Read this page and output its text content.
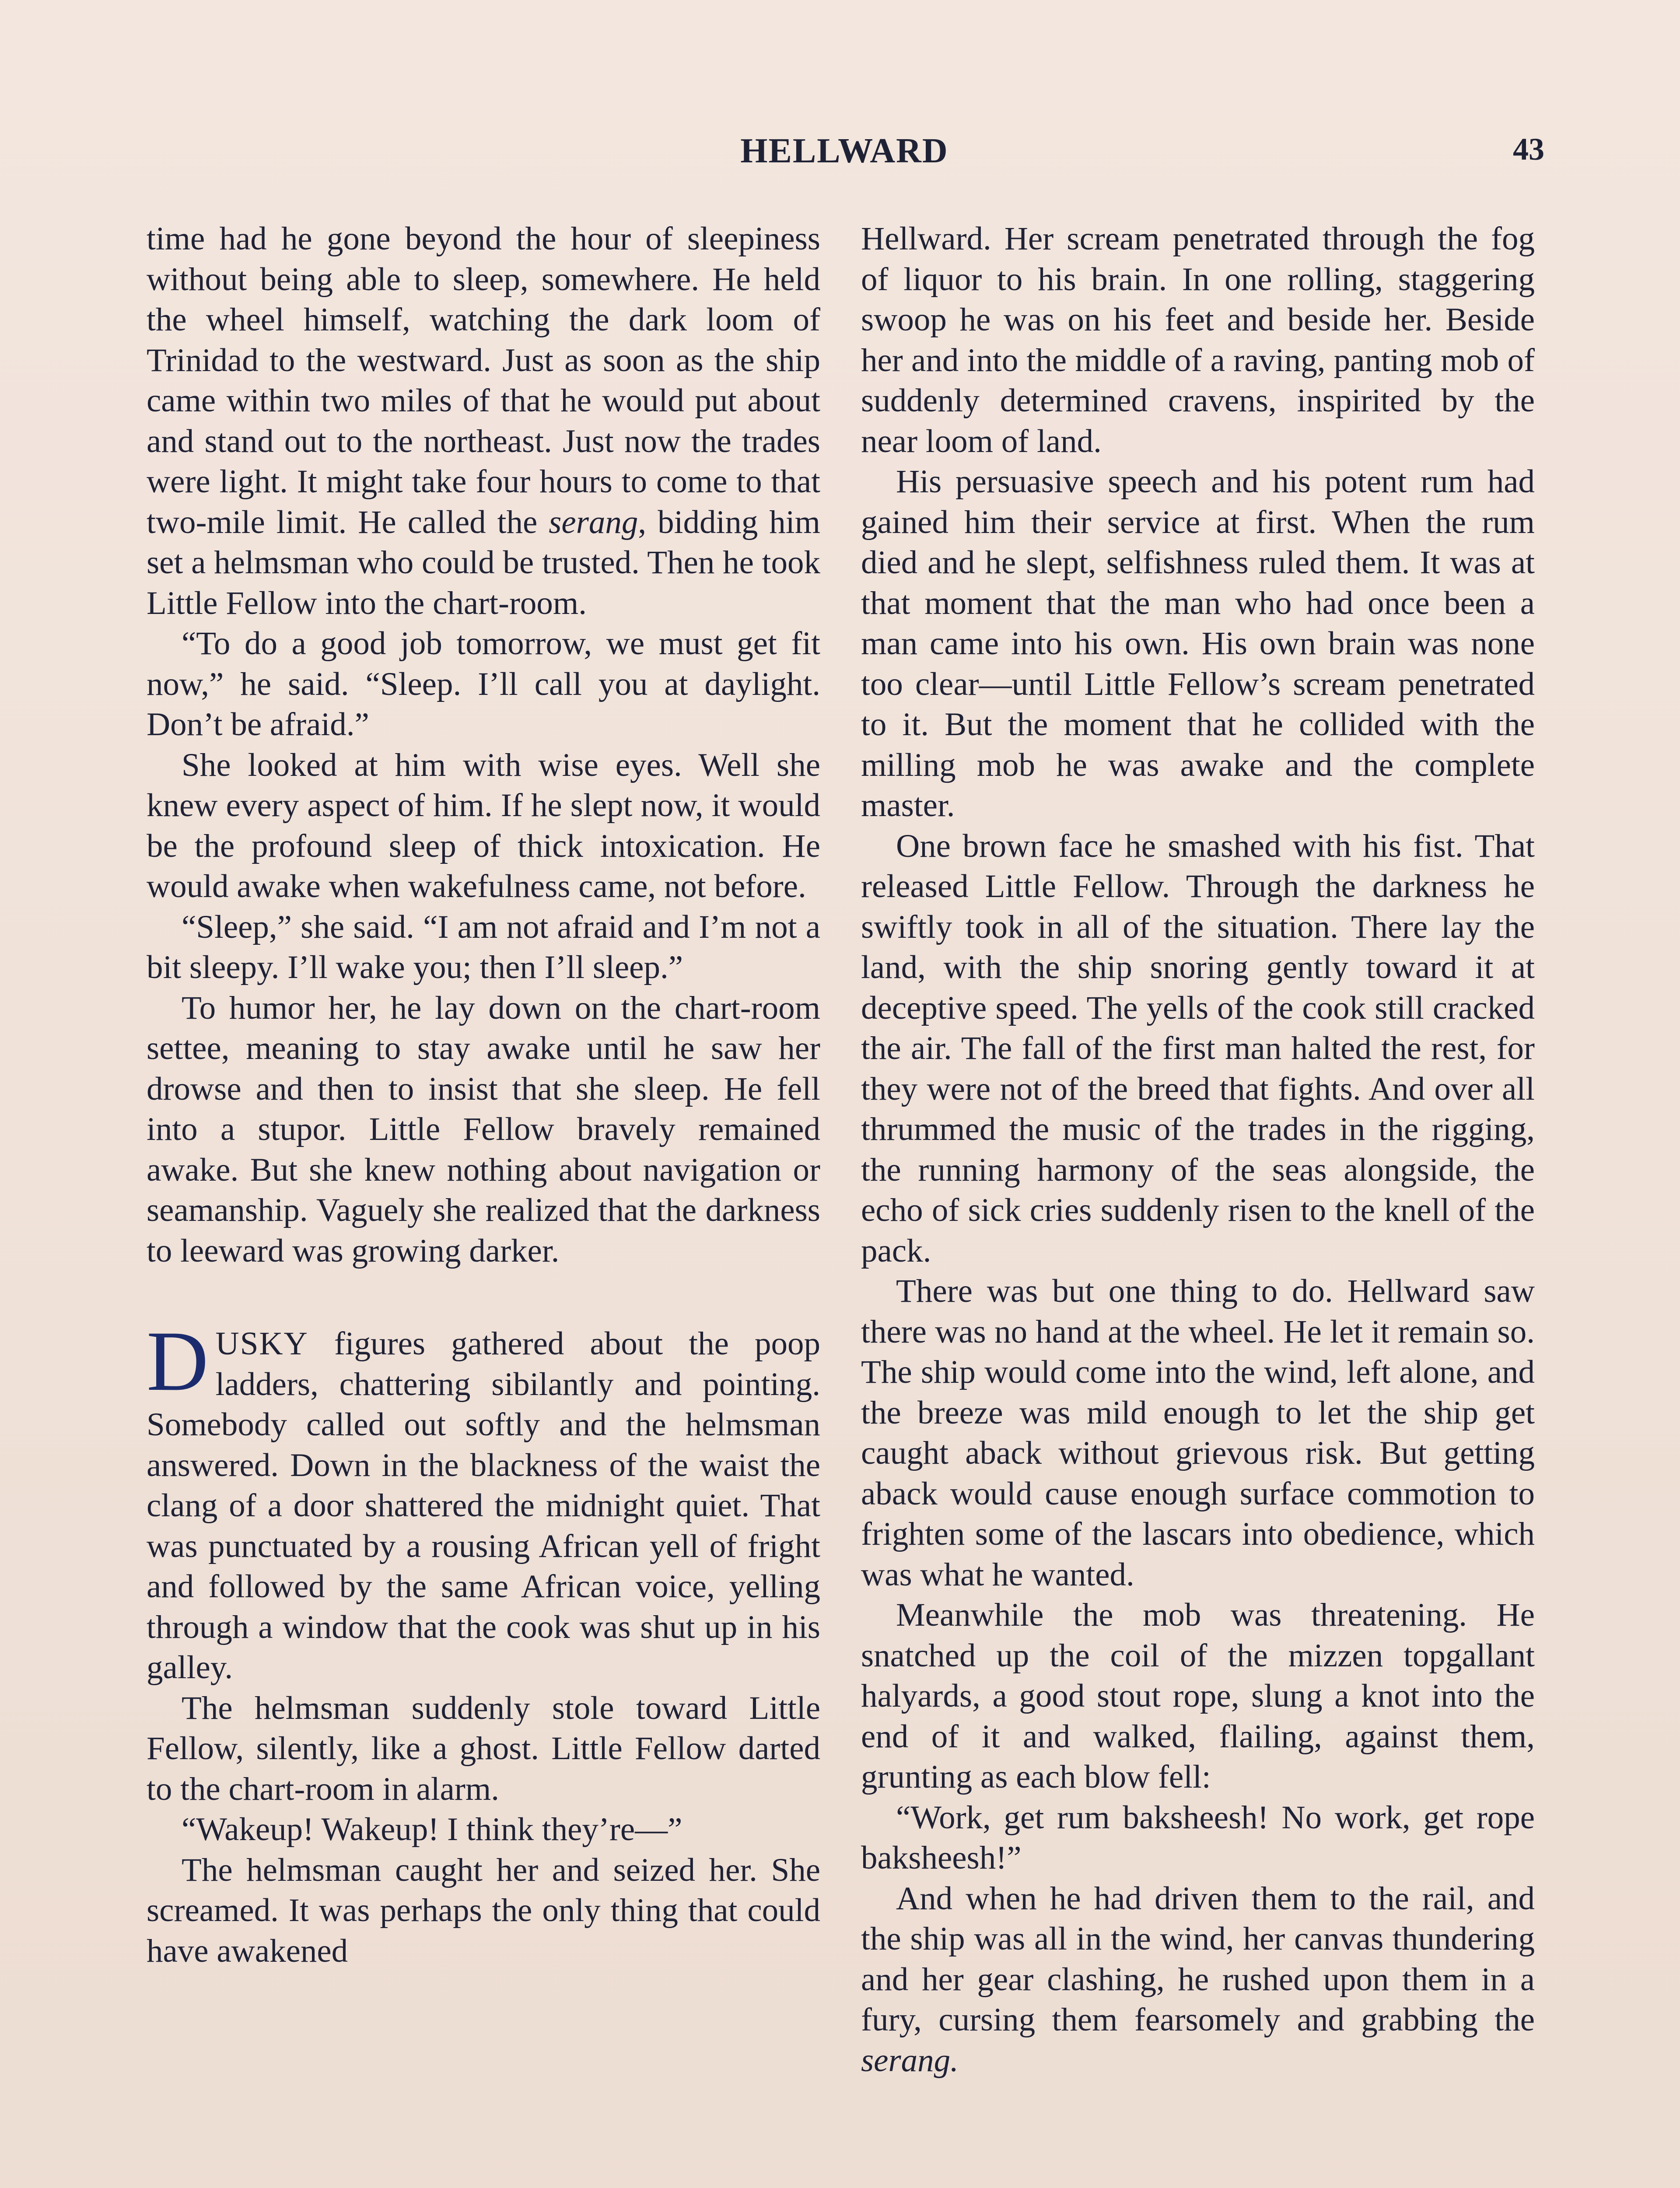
HELLWARD	43

time had he gone beyond the hour of sleepiness without being able to sleep, somewhere. He held the wheel himself, watching the dark loom of Trinidad to the westward. Just as soon as the ship came within two miles of that he would put about and stand out to the northeast. Just now the trades were light. It might take four hours to come to that two-mile limit. He called the serang, bidding him set a helmsman who could be trusted. Then he took Little Fellow into the chart-room.

“To do a good job tomorrow, we must get fit now,” he said. “Sleep. I’ll call you at daylight. Don’t be afraid.”

She looked at him with wise eyes. Well she knew every aspect of him. If he slept now, it would be the profound sleep of thick intoxication. He would awake when wakefulness came, not before.

“Sleep,” she said. “I am not afraid and I’m not a bit sleepy. I’ll wake you; then I’ll sleep.”

To humor her, he lay down on the chart-room settee, meaning to stay awake until he saw her drowse and then to insist that she sleep. He fell into a stupor. Little Fellow bravely remained awake. But she knew nothing about navigation or seamanship. Vaguely she realized that the darkness to leeward was growing darker.

DUSKY figures gathered about the poop ladders, chattering sibilantly and pointing. Somebody called out softly and the helmsman answered. Down in the blackness of the waist the clang of a door shattered the midnight quiet. That was punctuated by a rousing African yell of fright and followed by the same African voice, yelling through a window that the cook was shut up in his galley.

The helmsman suddenly stole toward Little Fellow, silently, like a ghost. Little Fellow darted to the chart-room in alarm.

“Wakeup! Wakeup! I think they’re—”

The helmsman caught her and seized her. She screamed. It was perhaps the only thing that could have awakened

Hellward. Her scream penetrated through the fog of liquor to his brain. In one rolling, staggering swoop he was on his feet and beside her. Beside her and into the middle of a raving, panting mob of suddenly determined cravens, inspirited by the near loom of land.

His persuasive speech and his potent rum had gained him their service at first. When the rum died and he slept, selfishness ruled them. It was at that moment that the man who had once been a man came into his own. His own brain was none too clear—until Little Fellow’s scream penetrated to it. But the moment that he collided with the milling mob he was awake and the complete master.

One brown face he smashed with his fist. That released Little Fellow. Through the darkness he swiftly took in all of the situation. There lay the land, with the ship snoring gently toward it at deceptive speed. The yells of the cook still cracked the air. The fall of the first man halted the rest, for they were not of the breed that fights. And over all thrummed the music of the trades in the rigging, the running harmony of the seas alongside, the echo of sick cries suddenly risen to the knell of the pack.

There was but one thing to do. Hellward saw there was no hand at the wheel. He let it remain so. The ship would come into the wind, left alone, and the breeze was mild enough to let the ship get caught aback without grievous risk. But getting aback would cause enough surface commotion to frighten some of the lascars into obedience, which was what he wanted.

Meanwhile the mob was threatening. He snatched up the coil of the mizzen topgallant halyards, a good stout rope, slung a knot into the end of it and walked, flailing, against them, grunting as each blow fell:

“Work, get rum baksheesh! No work, get rope baksheesh!”

And when he had driven them to the rail, and the ship was all in the wind, her canvas thundering and her gear clashing, he rushed upon them in a fury, cursing them fearsomely and grabbing the serang.
